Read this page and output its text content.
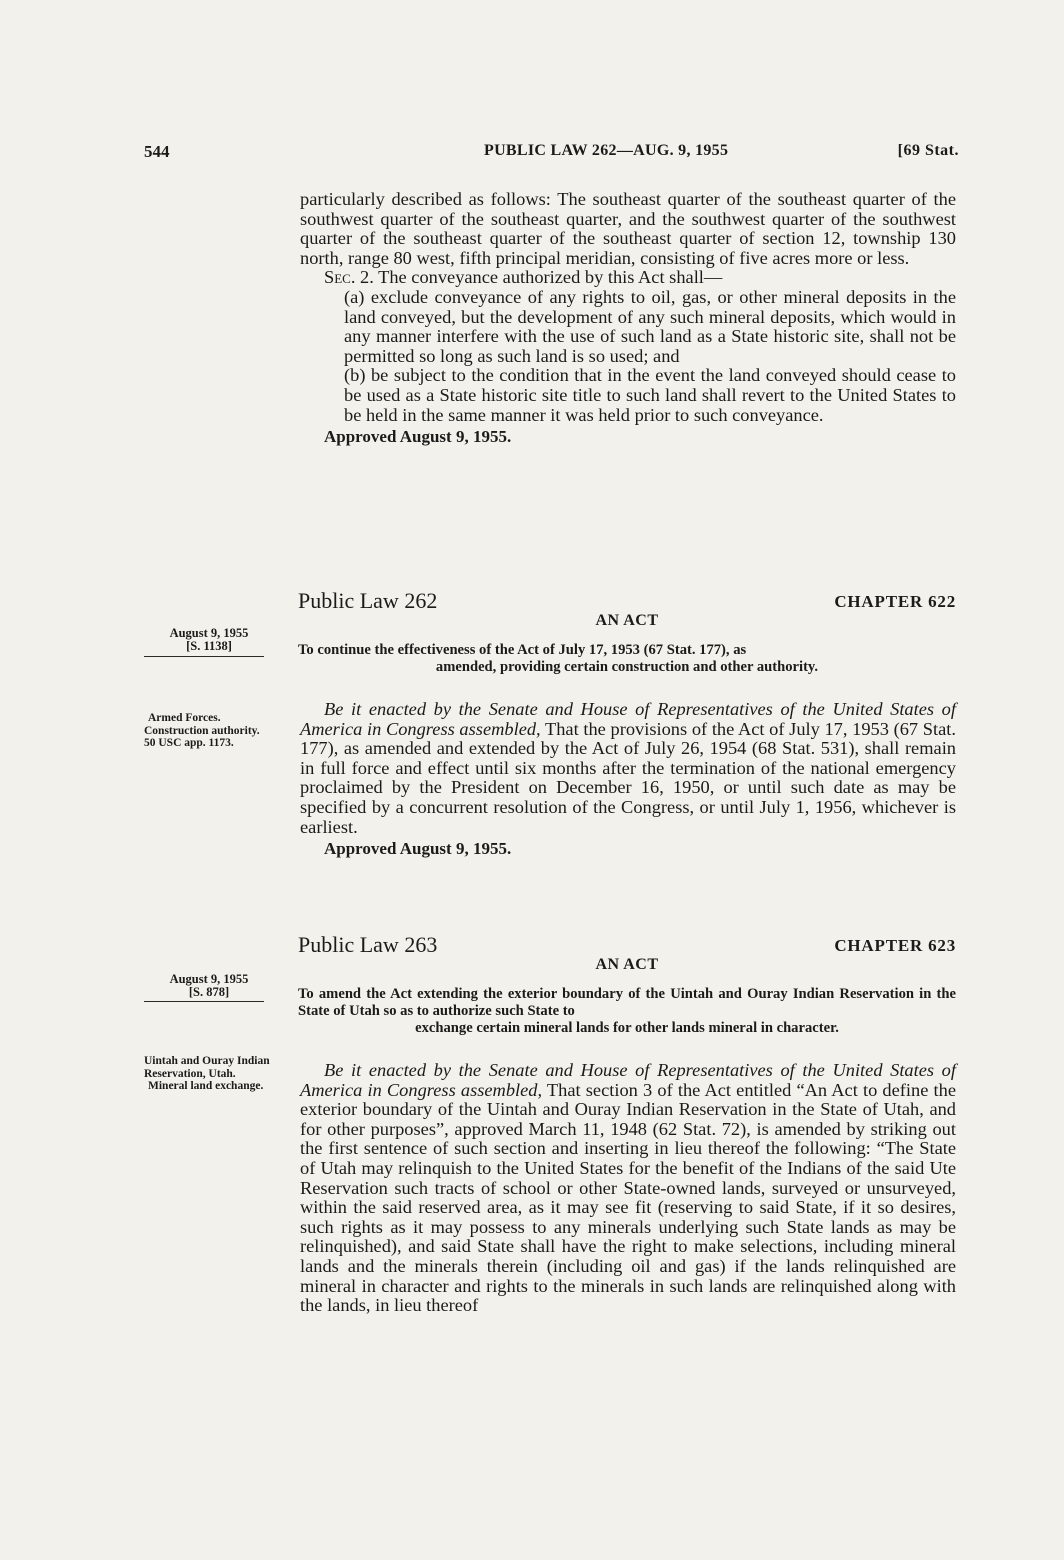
544	PUBLIC LAW 262—AUG. 9, 1955	[69 Stat.

particularly described as follows: The southeast quarter of the southeast quarter of the southwest quarter of the southeast quarter, and the southwest quarter of the southwest quarter of the southeast quarter of the southeast quarter of section 12, township 130 north, range 80 west, fifth principal meridian, consisting of five acres more or less.

Sec. 2. The conveyance authorized by this Act shall—

(a) exclude conveyance of any rights to oil, gas, or other mineral deposits in the land conveyed, but the development of any such mineral deposits, which would in any manner interfere with the use of such land as a State historic site, shall not be permitted so long as such land is so used; and

(b) be subject to the condition that in the event the land conveyed should cease to be used as a State historic site title to such land shall revert to the United States to be held in the same manner it was held prior to such conveyance.

Approved August 9, 1955.

Public Law 262	CHAPTER 622
AN ACT
August 9, 1955
[S. 1138]	To continue the effectiveness of the Act of July 17, 1953 (67 Stat. 177), as
amended, providing certain construction and other authority.
Armed Forces.
Construction authority.
50 USC app. 1173.

Be it enacted by the Senate and House of Representatives of the United States of America in Congress assembled, That the provisions of the Act of July 17, 1953 (67 Stat. 177), as amended and extended by the Act of July 26, 1954 (68 Stat. 531), shall remain in full force and effect until six months after the termination of the national emergency proclaimed by the President on December 16, 1950, or until such date as may be specified by a concurrent resolution of the Congress, or until July 1, 1956, whichever is earliest.

Approved August 9, 1955.

Public Law 263	CHAPTER 623
AN ACT
August 9, 1955
[S. 878]	To amend the Act extending the exterior boundary of the Uintah and Ouray Indian Reservation in the State of Utah so as to authorize such State to
exchange certain mineral lands for other lands mineral in character.
Uintah and Ouray Indian Reservation, Utah.
Mineral land exchange.

Be it enacted by the Senate and House of Representatives of the United States of America in Congress assembled, That section 3 of the Act entitled “An Act to define the exterior boundary of the Uintah and Ouray Indian Reservation in the State of Utah, and for other purposes”, approved March 11, 1948 (62 Stat. 72), is amended by striking out the first sentence of such section and inserting in lieu thereof the following: “The State of Utah may relinquish to the United States for the benefit of the Indians of the said Ute Reservation such tracts of school or other State-owned lands, surveyed or unsurveyed, within the said reserved area, as it may see fit (reserving to said State, if it so desires, such rights as it may possess to any minerals underlying such State lands as may be relinquished), and said State shall have the right to make selections, including mineral lands and the minerals therein (including oil and gas) if the lands relinquished are mineral in character and rights to the minerals in such lands are relinquished along with the lands, in lieu thereof
